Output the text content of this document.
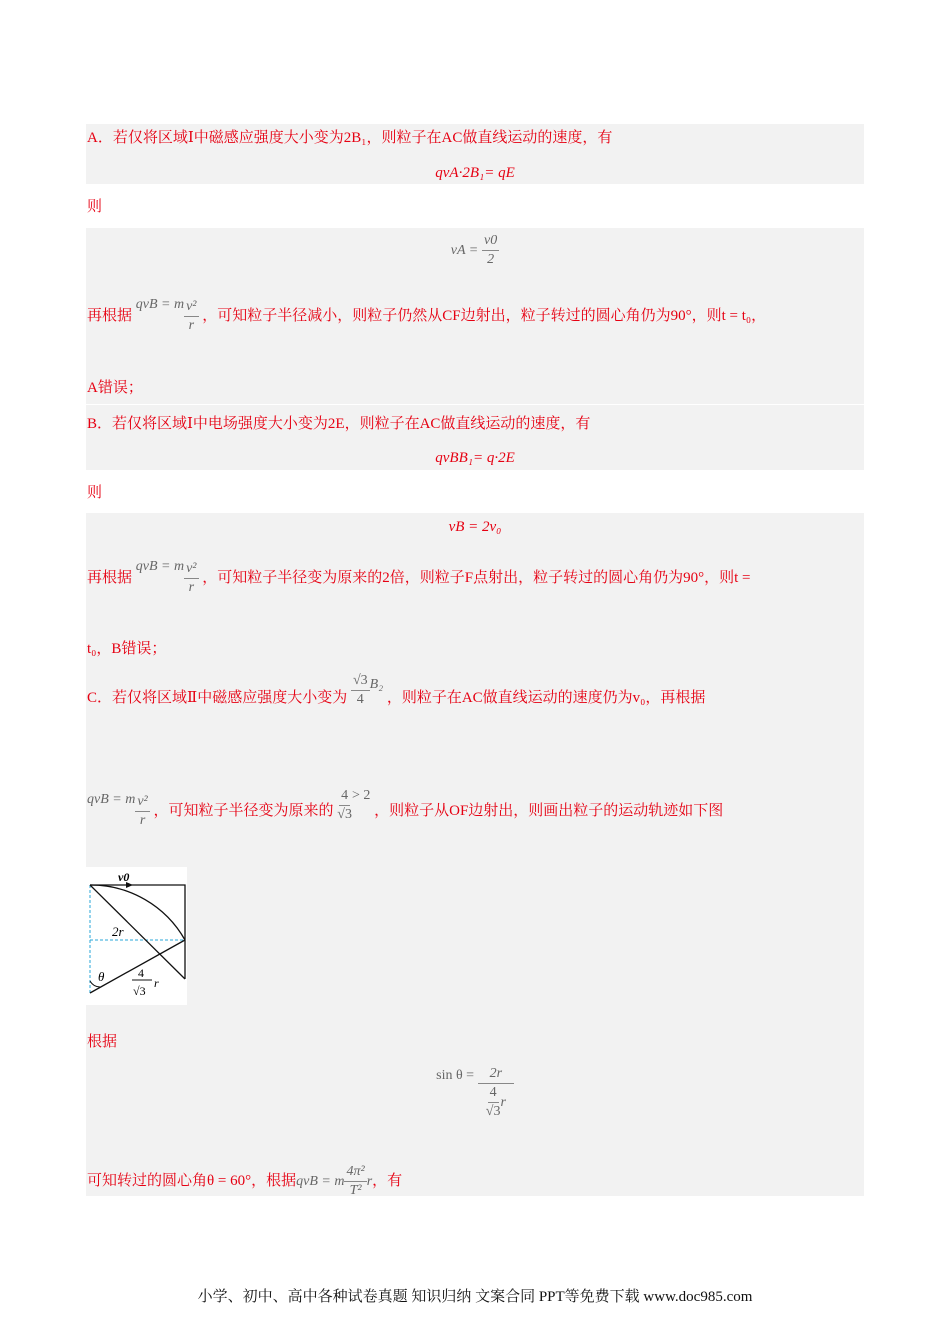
A．若仅将区域Ⅰ中磁感应强度大小变为2B₁，则粒子在AC做直线运动的速度，有
qvA·2B₁= qE
则
vA = $\frac{v0}{2}$
再根据 qvB = m $\frac{\text{v²}}{r}$ ，可知粒子半径减小，则粒子仍然从CF边射出，粒子转过的圆心角仍为90°，则t = t₀，
A错误；
B．若仅将区域Ⅰ中电场强度大小变为2E，则粒子在AC做直线运动的速度，有
qvBB₁= q·2E
则
vB = 2v₀
再根据 qvB = m $\frac{\text{v²}}{r}$ ，可知粒子半径变为原来的2倍，则粒子F点射出，粒子转过的圆心角仍为90°，则t =
t₀，B错误；
C．若仅将区域Ⅱ中磁感应强度大小变为 $\frac{√3}{4} B_2$ ，则粒子在AC做直线运动的速度仍为v₀，再根据
qvB = m $\frac{\text{v²}}{r}$ ，可知粒子半径变为原来的 $\frac{4}{√3} > 2$ ，则粒子从OF边射出，则画出粒子的运动轨迹如下图
v0
2r
θ	4
√3
r
根据
sin θ = 2r
4
√3
r
可知转过的圆心角θ = 60°，根据qvB = m $\frac{\text{4π²}}{\text{T²}}$ r，有
小学、初中、高中各种试卷真题 知识归纳 文案合同 PPT等免费下载 www.doc985.com
